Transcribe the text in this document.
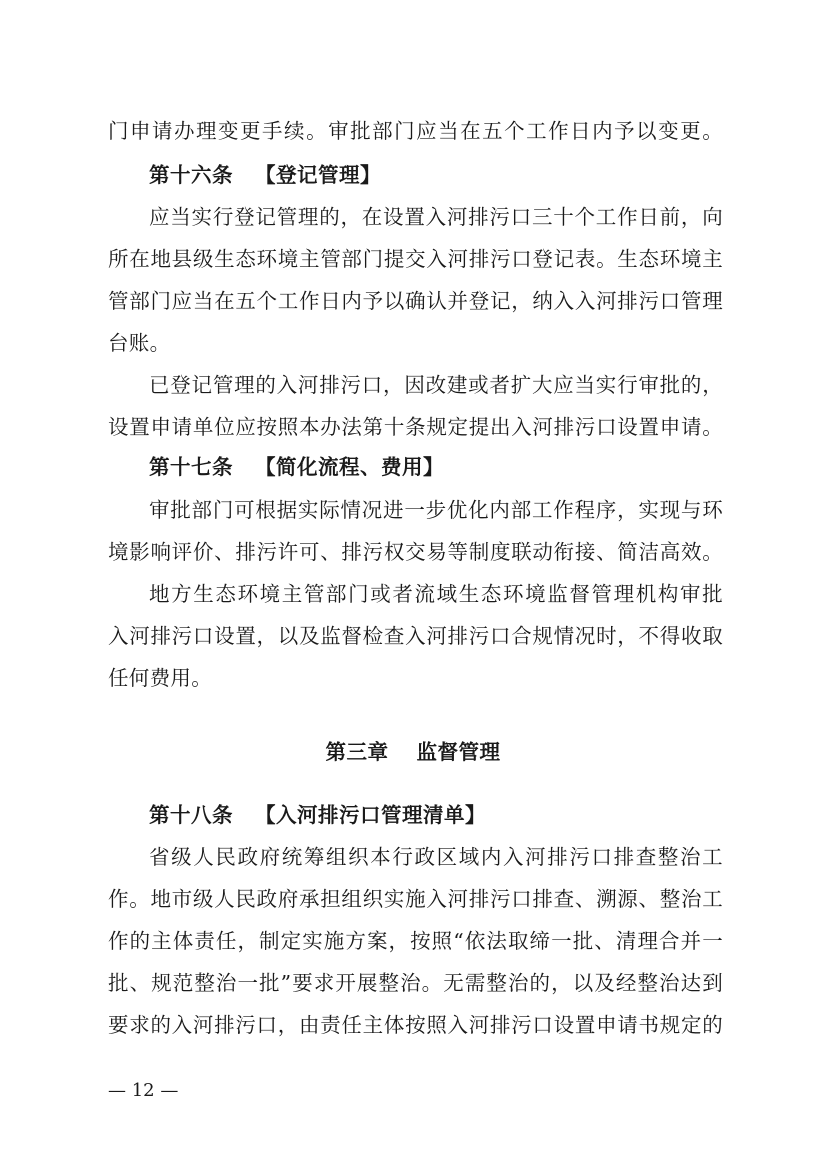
门申请办理变更手续。审批部门应当在五个工作日内予以变更。
第十六条 【登记管理】
应当实行登记管理的，在设置入河排污口三十个工作日前，向
所在地县级生态环境主管部门提交入河排污口登记表。生态环境主
管部门应当在五个工作日内予以确认并登记，纳入入河排污口管理
台账。
已登记管理的入河排污口，因改建或者扩大应当实行审批的，
设置申请单位应按照本办法第十条规定提出入河排污口设置申请。
第十七条 【简化流程、费用】
审批部门可根据实际情况进一步优化内部工作程序，实现与环
境影响评价、排污许可、排污权交易等制度联动衔接、简洁高效。
地方生态环境主管部门或者流域生态环境监督管理机构审批
入河排污口设置，以及监督检查入河排污口合规情况时，不得收取
任何费用。
第三章 监督管理
第十八条 【入河排污口管理清单】
省级人民政府统筹组织本行政区域内入河排污口排查整治工
作。地市级人民政府承担组织实施入河排污口排查、溯源、整治工
作的主体责任，制定实施方案，按照“依法取缔一批、清理合并一
批、规范整治一批”要求开展整治。无需整治的，以及经整治达到
要求的入河排污口，由责任主体按照入河排污口设置申请书规定的
— 12 —
